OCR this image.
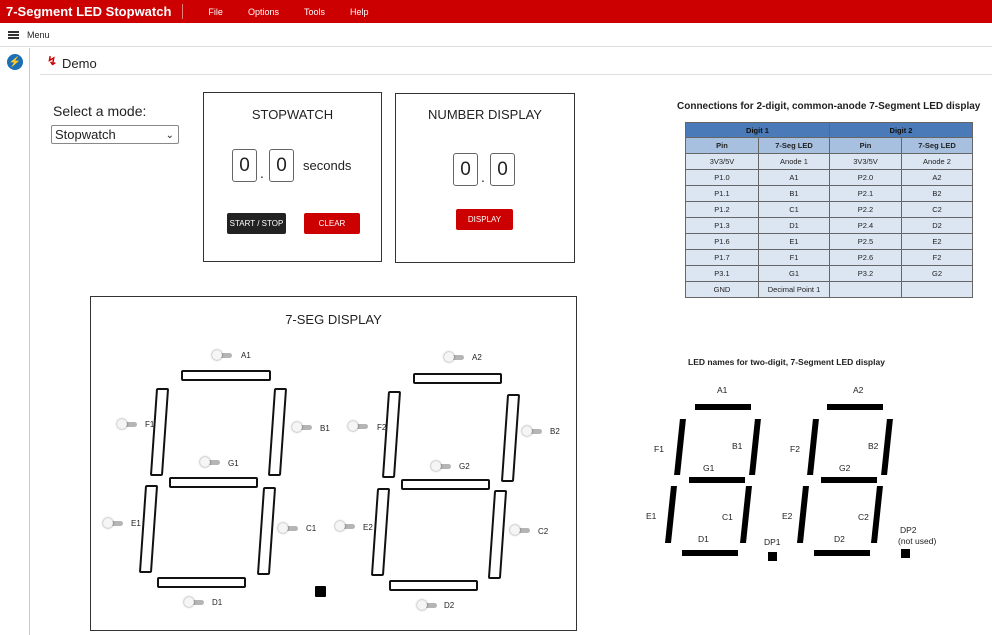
7-Segment LED Stopwatch	File	Options	Tools	Help
Menu
⚡ ↯ Demo
Select a mode:
Stopwatch	⌄
STOPWATCH
0 . 0	seconds
START / STOP	CLEAR
NUMBER DISPLAY
0 . 0
DISPLAY
7-SEG DISPLAY
A1
B1
C1
D1
E1
F1
G1
A2
B2
C2
D2
E2
F2
G2
Connections for 2-digit, common-anode 7-Segment LED display
Digit 1		Digit 2	
Pin	7-Seg LED	Pin	7-Seg LED
3V3/5V	Anode 1	3V3/5V	Anode 2
P1.0	A1	P2.0	A2
P1.1	B1	P2.1	B2
P1.2	C1	P2.2	C2
P1.3	D1	P2.4	D2
P1.6	E1	P2.5	E2
P1.7	F1	P2.6	F2
P3.1	G1	P3.2	G2
GND	Decimal Point 1		
LED names for two-digit, 7-Segment LED display
A1
F1	B1
G1
E1	C1
D1	DP1
A2
F2	B2
G2
E2	C2
D2
DP2
(not used)
